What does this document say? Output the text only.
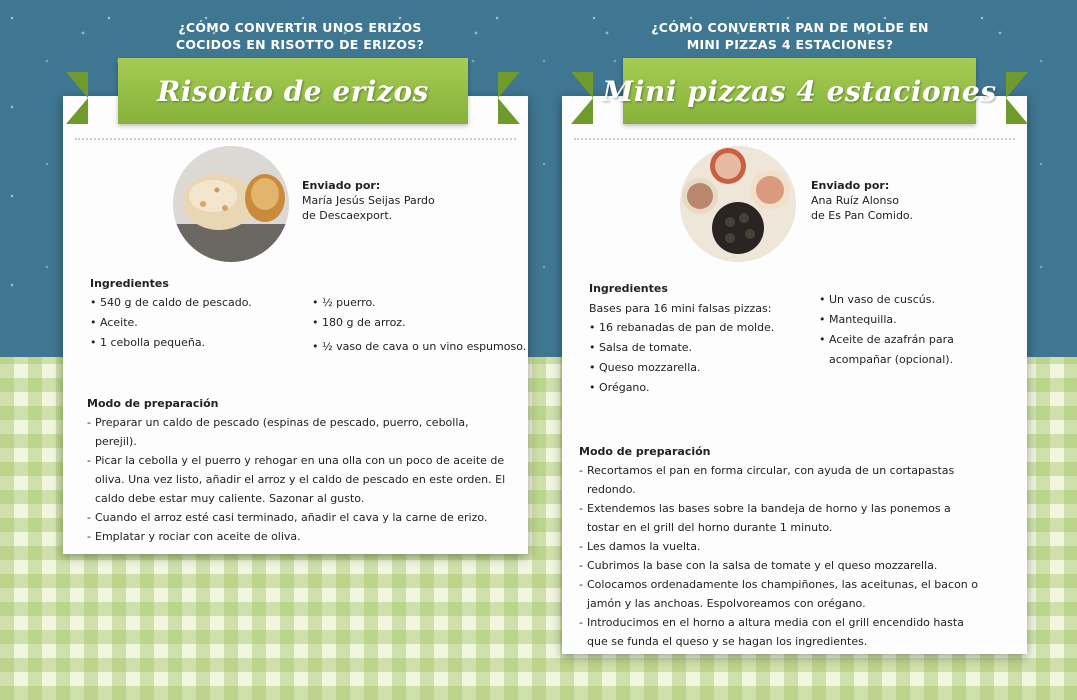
¿CÓMO CONVERTIR UNOS ERIZOS COCIDOS EN RISOTTO DE ERIZOS?
¿CÓMO CONVERTIR PAN DE MOLDE EN MINI PIZZAS 4 ESTACIONES?
Risotto de erizos
Enviado por:
María Jesús Seijas Pardo
de Descaexport.
Ingredientes
• 540 g de caldo de pescado.
• Aceite.
• 1 cebolla pequeña.
• ½ puerro.
• 180 g de arroz.
• ½ vaso de cava o un vino espumoso.
Modo de preparación
- Preparar un caldo de pescado (espinas de pescado, puerro, cebolla, perejil).
- Picar la cebolla y el puerro y rehogar en una olla con un poco de aceite de oliva. Una vez listo, añadir el arroz y el caldo de pescado en este orden. El caldo debe estar muy caliente. Sazonar al gusto.
- Cuando el arroz esté casi terminado, añadir el cava y la carne de erizo.
- Emplatar y rociar con aceite de oliva.
Mini pizzas 4 estaciones
Enviado por:
Ana Ruíz Alonso
de Es Pan Comido.
Ingredientes
Bases para 16 mini falsas pizzas:
• 16 rebanadas de pan de molde.
• Salsa de tomate.
• Queso mozzarella.
• Orégano.
• Un vaso de cuscús.
• Mantequilla.
• Aceite de azafrán para acompañar (opcional).
Modo de preparación
- Recortamos el pan en forma circular, con ayuda de un cortapastas redondo.
- Extendemos las bases sobre la bandeja de horno y las ponemos a tostar en el grill del horno durante 1 minuto.
- Les damos la vuelta.
- Cubrimos la base con la salsa de tomate y el queso mozzarella.
- Colocamos ordenadamente los champiñones, las aceitunas, el bacon o jamón y las anchoas. Espolvoreamos con orégano.
- Introducimos en el horno a altura media con el grill encendido hasta que se funda el queso y se hagan los ingredientes.
